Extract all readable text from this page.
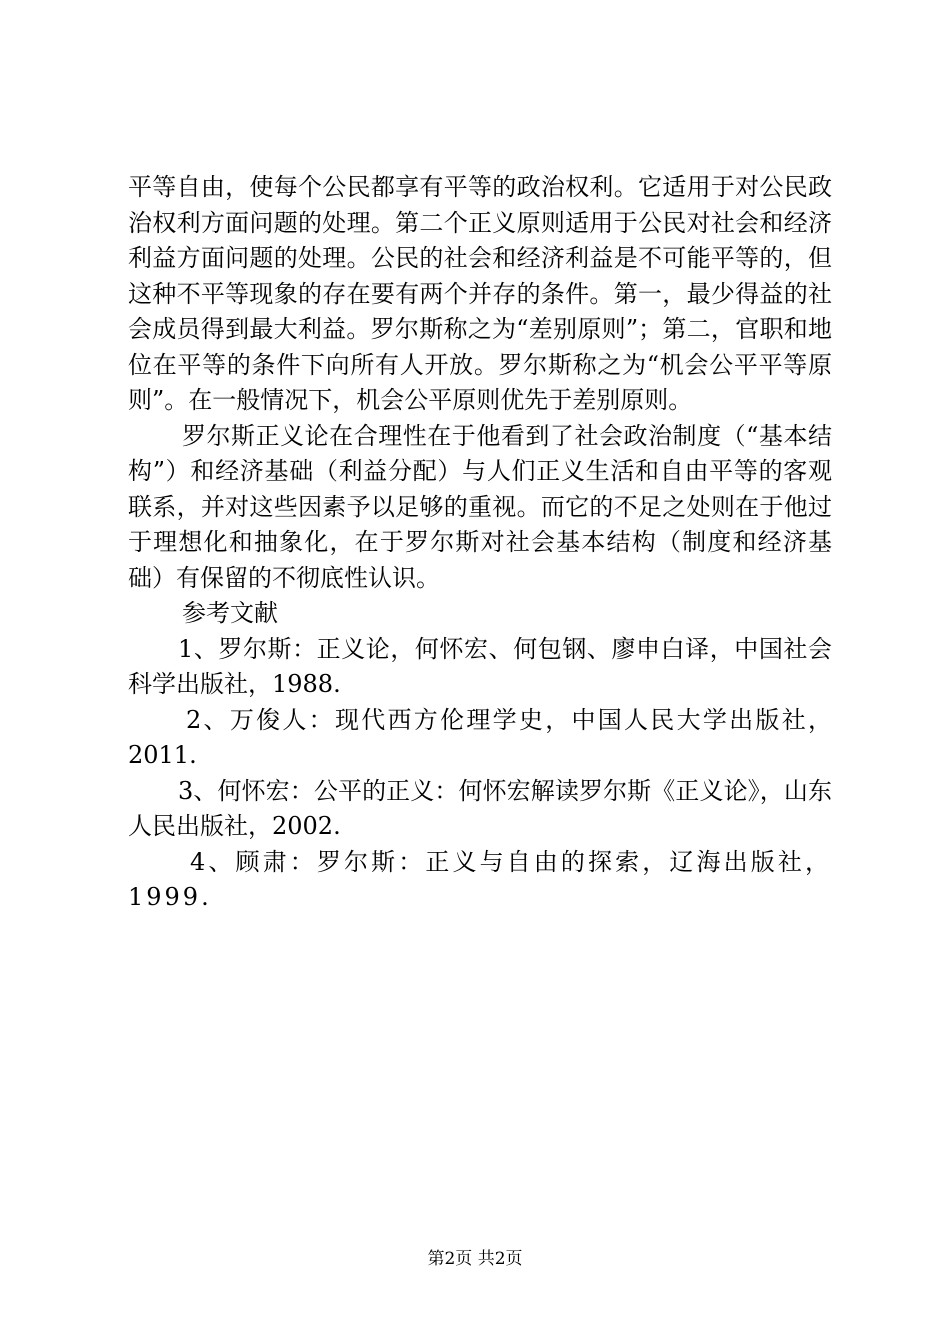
平等自由，使每个公民都享有平等的政治权利。它适用于对公民政治权利方面问题的处理。第二个正义原则适用于公民对社会和经济利益方面问题的处理。公民的社会和经济利益是不可能平等的，但这种不平等现象的存在要有两个并存的条件。第一，最少得益的社会成员得到最大利益。罗尔斯称之为“差别原则”；第二，官职和地位在平等的条件下向所有人开放。罗尔斯称之为“机会公平平等原则”。在一般情况下，机会公平原则优先于差别原则。

罗尔斯正义论在合理性在于他看到了社会政治制度（“基本结构”）和经济基础（利益分配）与人们正义生活和自由平等的客观联系，并对这些因素予以足够的重视。而它的不足之处则在于他过于理想化和抽象化，在于罗尔斯对社会基本结构（制度和经济基础）有保留的不彻底性认识。

参考文献

1、罗尔斯：正义论，何怀宏、何包钢、廖申白译，中国社会科学出版社，1988.

2、万俊人：现代西方伦理学史，中国人民大学出版社，2011.

3、何怀宏：公平的正义：何怀宏解读罗尔斯《正义论》，山东人民出版社，2002.

4、顾肃：罗尔斯：正义与自由的探索，辽海出版社，1999.

第2页 共2页
